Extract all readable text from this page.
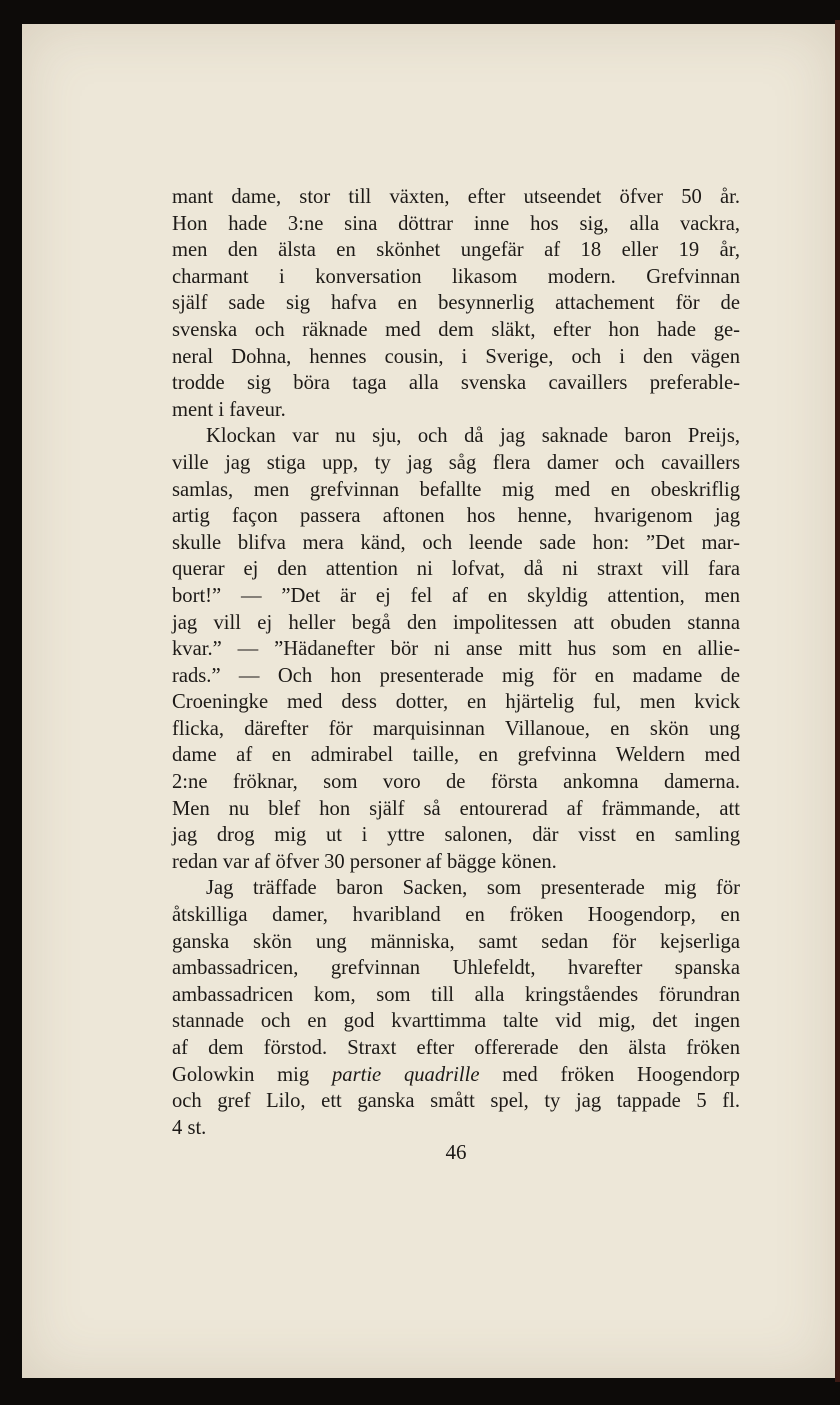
mant dame, stor till växten, efter utseendet öfver 50 år.
Hon hade 3:ne sina döttrar inne hos sig, alla vackra,
men den älsta en skönhet ungefär af 18 eller 19 år,
charmant i konversation likasom modern. Grefvinnan
själf sade sig hafva en besynnerlig attachement för de
svenska och räknade med dem släkt, efter hon hade ge-
neral Dohna, hennes cousin, i Sverige, och i den vägen
trodde sig böra taga alla svenska cavaillers preferable-
ment i faveur.
Klockan var nu sju, och då jag saknade baron Preijs,
ville jag stiga upp, ty jag såg flera damer och cavaillers
samlas, men grefvinnan befallte mig med en obeskriflig
artig façon passera aftonen hos henne, hvarigenom jag
skulle blifva mera känd, och leende sade hon: ”Det mar-
querar ej den attention ni lofvat, då ni straxt vill fara
bort!” — ”Det är ej fel af en skyldig attention, men
jag vill ej heller begå den impolitessen att obuden stanna
kvar.” — ”Hädanefter bör ni anse mitt hus som en allie-
rads.” — Och hon presenterade mig för en madame de
Croeningke med dess dotter, en hjärtelig ful, men kvick
flicka, därefter för marquisinnan Villanoue, en skön ung
dame af en admirabel taille, en grefvinna Weldern med
2:ne fröknar, som voro de första ankomna damerna.
Men nu blef hon själf så entourerad af främmande, att
jag drog mig ut i yttre salonen, där visst en samling
redan var af öfver 30 personer af bägge könen.
Jag träffade baron Sacken, som presenterade mig för
åtskilliga damer, hvaribland en fröken Hoogendorp, en
ganska skön ung människa, samt sedan för kejserliga
ambassadricen, grefvinnan Uhlefeldt, hvarefter spanska
ambassadricen kom, som till alla kringståendes förundran
stannade och en god kvarttimma talte vid mig, det ingen
af dem förstod. Straxt efter offererade den älsta fröken
Golowkin mig partie quadrille med fröken Hoogendorp
och gref Lilo, ett ganska smått spel, ty jag tappade 5 fl.
4 st.
46
